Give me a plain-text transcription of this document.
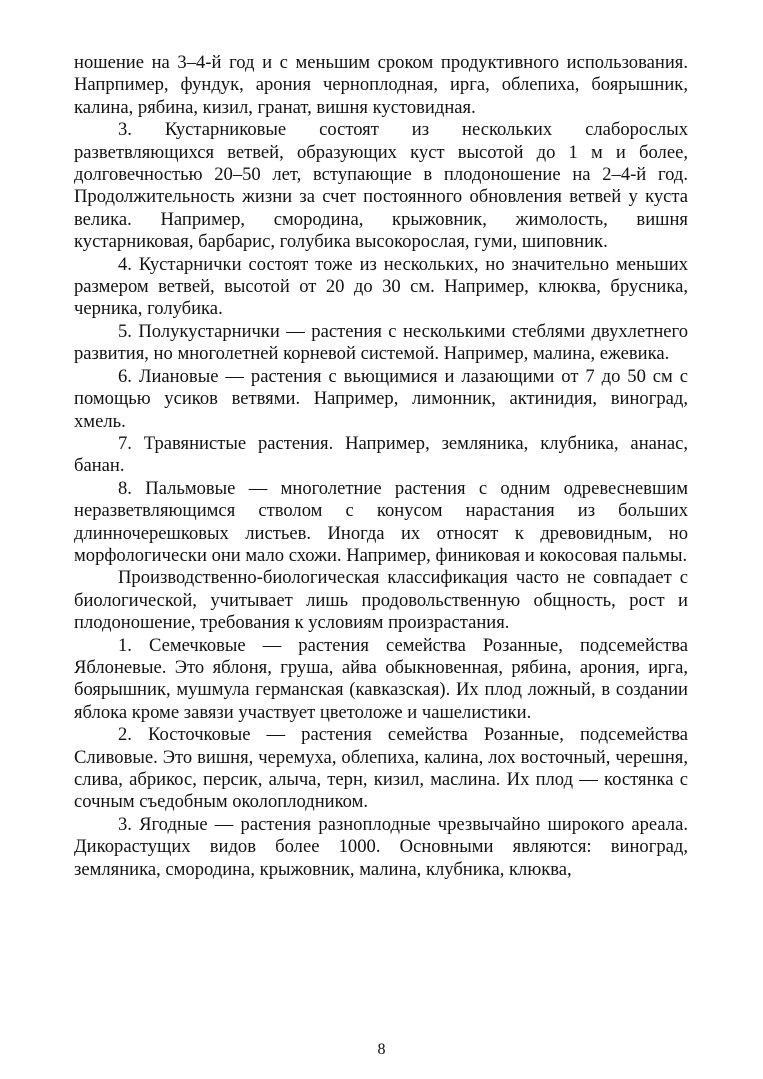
ношение на 3–4-й год и с меньшим сроком продуктивного использования. Напрпимер, фундук, арония черноплодная, ирга, облепиха, боярышник, калина, рябина, кизил, гранат, вишня кустовидная.

3. Кустарниковые состоят из нескольких слаборослых разветвляющихся ветвей, образующих куст высотой до 1 м и более, долговечностью 20–50 лет, вступающие в плодоношение на 2–4-й год. Продолжительность жизни за счет постоянного обновления ветвей у куста велика. Например, смородина, крыжовник, жимолость, вишня кустарниковая, барбарис, голубика высокорослая, гуми, шиповник.

4. Кустарнички состоят тоже из нескольких, но значительно меньших размером ветвей, высотой от 20 до 30 см. Например, клюква, брусника, черника, голубика.

5. Полукустарнички — растения с несколькими стеблями двухлетнего развития, но многолетней корневой системой. Например, малина, ежевика.

6. Лиановые — растения с вьющимися и лазающими от 7 до 50 см с помощью усиков ветвями. Например, лимонник, актинидия, виноград, хмель.

7. Травянистые растения. Например, земляника, клубника, ананас, банан.

8. Пальмовые — многолетние растения с одним одревесневшим неразветвляющимся стволом с конусом нарастания из больших длинночерешковых листьев. Иногда их относят к древовидным, но морфологически они мало схожи. Например, финиковая и кокосовая пальмы.

Производственно-биологическая классификация часто не совпадает с биологической, учитывает лишь продовольственную общность, рост и плодоношение, требования к условиям произрастания.

1. Семечковые — растения семейства Розанные, подсемейства Яблоневые. Это яблоня, груша, айва обыкновенная, рябина, арония, ирга, боярышник, мушмула германская (кавказская). Их плод ложный, в создании яблока кроме завязи участвует цветоложе и чашелистики.

2. Косточковые — растения семейства Розанные, подсемейства Сливовые. Это вишня, черемуха, облепиха, калина, лох восточный, черешня, слива, абрикос, персик, алыча, терн, кизил, маслина. Их плод — костянка с сочным съедобным околоплодником.

3. Ягодные — растения разноплодные чрезвычайно широкого ареала. Дикорастущих видов более 1000. Основными являются: виноград, земляника, смородина, крыжовник, малина, клубника, клюква,

8
